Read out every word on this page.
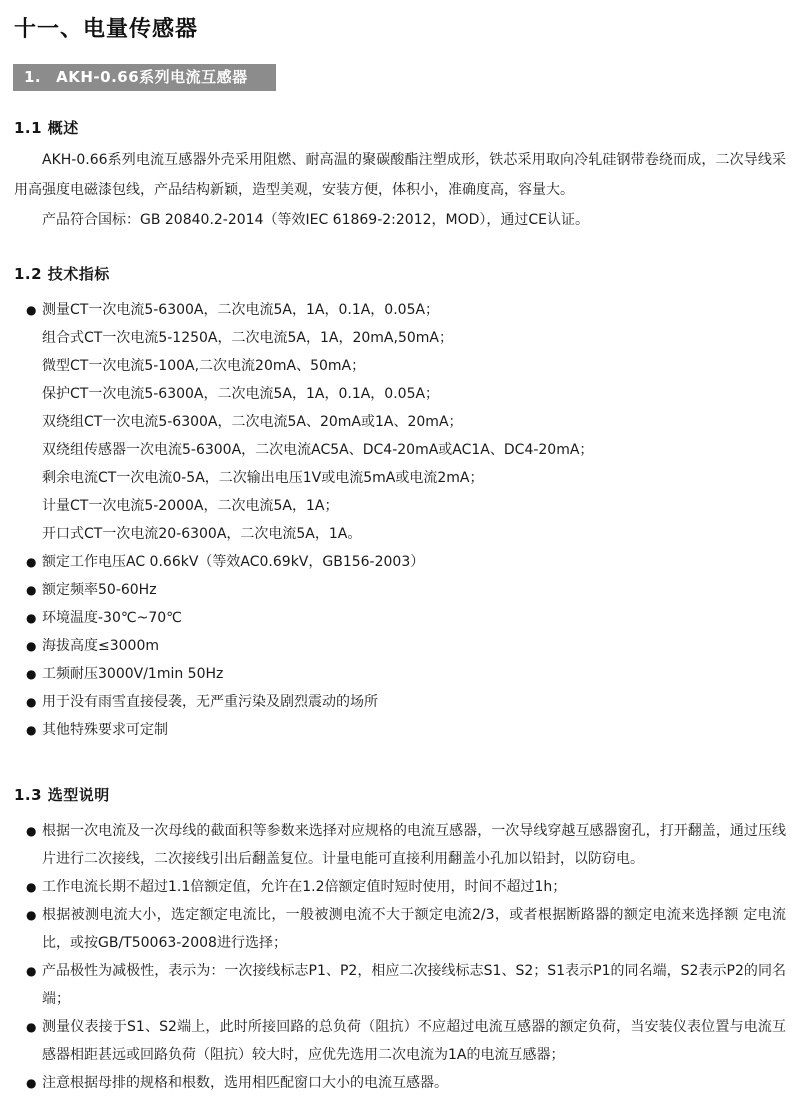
十一、电量传感器
1. AKH-0.66系列电流互感器
1.1 概述

AKH-0.66系列电流互感器外壳采用阻燃、耐高温的聚碳酸酯注塑成形，铁芯采用取向冷轧硅钢带卷绕而成，二次导线采用高强度电磁漆包线，产品结构新颖，造型美观，安装方便，体积小，准确度高，容量大。

产品符合国标：GB 20840.2-2014（等效IEC 61869-2:2012，MOD），通过CE认证。

1.2 技术指标
● 测量CT一次电流5-6300A，二次电流5A，1A，0.1A，0.05A；
组合式CT一次电流5-1250A，二次电流5A，1A，20mA,50mA；
微型CT一次电流5-100A,二次电流20mA、50mA；
保护CT一次电流5-6300A，二次电流5A，1A，0.1A，0.05A；
双绕组CT一次电流5-6300A，二次电流5A、20mA或1A、20mA；
双绕组传感器一次电流5-6300A，二次电流AC5A、DC4-20mA或AC1A、DC4-20mA；
剩余电流CT一次电流0-5A，二次输出电压1V或电流5mA或电流2mA；
计量CT一次电流5-2000A，二次电流5A，1A；
开口式CT一次电流20-6300A，二次电流5A，1A。
● 额定工作电压AC 0.66kV（等效AC0.69kV，GB156-2003）
● 额定频率50-60Hz
● 环境温度-30℃~70℃
● 海拔高度≤3000m
● 工频耐压3000V/1min 50Hz
● 用于没有雨雪直接侵袭，无严重污染及剧烈震动的场所
● 其他特殊要求可定制
1.3 选型说明
● 根据一次电流及一次母线的截面积等参数来选择对应规格的电流互感器，一次导线穿越互感器窗孔，打开翻盖，通过压线片进行二次接线，二次接线引出后翻盖复位。计量电能可直接利用翻盖小孔加以铅封，以防窃电。
● 工作电流长期不超过1.1倍额定值，允许在1.2倍额定值时短时使用，时间不超过1h；
● 根据被测电流大小，选定额定电流比，一般被测电流不大于额定电流2/3，或者根据断路器的额定电流来选择额 定电流比，或按GB/T50063-2008进行选择；
● 产品极性为减极性，表示为：一次接线标志P1、P2，相应二次接线标志S1、S2；S1表示P1的同名端，S2表示P2的同名端；
● 测量仪表接于S1、S2端上，此时所接回路的总负荷（阻抗）不应超过电流互感器的额定负荷，当安装仪表位置与电流互感器相距甚远或回路负荷（阻抗）较大时，应优先选用二次电流为1A的电流互感器；
● 注意根据母排的规格和根数，选用相匹配窗口大小的电流互感器。
